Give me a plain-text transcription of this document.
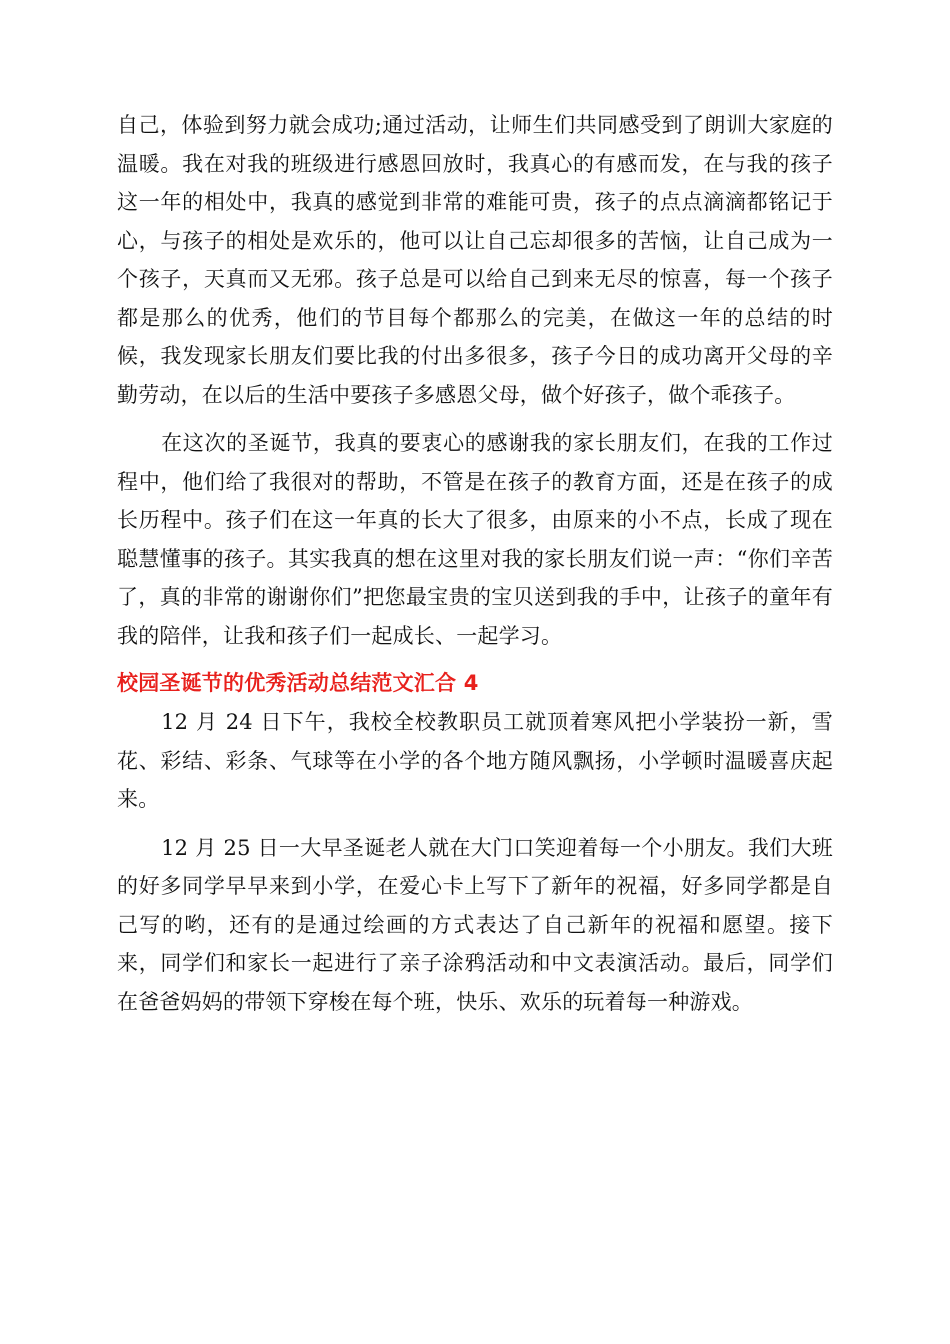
自己，体验到努力就会成功;通过活动，让师生们共同感受到了朗训大家庭的温暖。我在对我的班级进行感恩回放时，我真心的有感而发，在与我的孩子这一年的相处中，我真的感觉到非常的难能可贵，孩子的点点滴滴都铭记于心，与孩子的相处是欢乐的，他可以让自己忘却很多的苦恼，让自己成为一个孩子，天真而又无邪。孩子总是可以给自己到来无尽的惊喜，每一个孩子都是那么的优秀，他们的节目每个都那么的完美，在做这一年的总结的时候，我发现家长朋友们要比我的付出多很多，孩子今日的成功离开父母的辛勤劳动，在以后的生活中要孩子多感恩父母，做个好孩子，做个乖孩子。

在这次的圣诞节，我真的要衷心的感谢我的家长朋友们，在我的工作过程中，他们给了我很对的帮助，不管是在孩子的教育方面，还是在孩子的成长历程中。孩子们在这一年真的长大了很多，由原来的小不点，长成了现在聪慧懂事的孩子。其实我真的想在这里对我的家长朋友们说一声：“你们辛苦了，真的非常的谢谢你们”把您最宝贵的宝贝送到我的手中，让孩子的童年有我的陪伴，让我和孩子们一起成长、一起学习。

校园圣诞节的优秀活动总结范文汇合 4

12 月 24 日下午，我校全校教职员工就顶着寒风把小学装扮一新，雪花、彩结、彩条、气球等在小学的各个地方随风飘扬，小学顿时温暖喜庆起来。

12 月 25 日一大早圣诞老人就在大门口笑迎着每一个小朋友。我们大班的好多同学早早来到小学，在爱心卡上写下了新年的祝福，好多同学都是自己写的哟，还有的是通过绘画的方式表达了自己新年的祝福和愿望。接下来，同学们和家长一起进行了亲子涂鸦活动和中文表演活动。最后，同学们在爸爸妈妈的带领下穿梭在每个班，快乐、欢乐的玩着每一种游戏。
